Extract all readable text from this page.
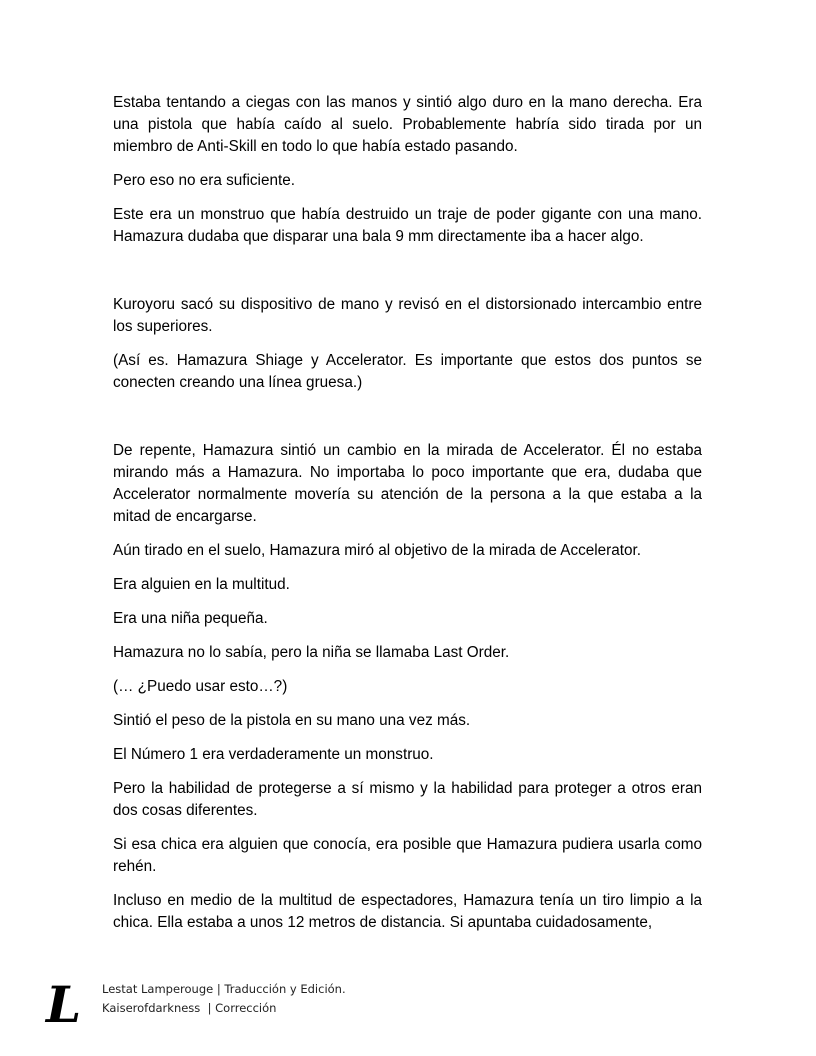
Estaba tentando a ciegas con las manos y sintió algo duro en la mano derecha. Era una pistola que había caído al suelo. Probablemente habría sido tirada por un miembro de Anti-Skill en todo lo que había estado pasando.

Pero eso no era suficiente.

Este era un monstruo que había destruido un traje de poder gigante con una mano. Hamazura dudaba que disparar una bala 9 mm directamente iba a hacer algo.

Kuroyoru sacó su dispositivo de mano y revisó en el distorsionado intercambio entre los superiores.

(Así es. Hamazura Shiage y Accelerator. Es importante que estos dos puntos se conecten creando una línea gruesa.)

De repente, Hamazura sintió un cambio en la mirada de Accelerator. Él no estaba mirando más a Hamazura. No importaba lo poco importante que era, dudaba que Accelerator normalmente movería su atención de la persona a la que estaba a la mitad de encargarse.

Aún tirado en el suelo, Hamazura miró al objetivo de la mirada de Accelerator.

Era alguien en la multitud.

Era una niña pequeña.

Hamazura no lo sabía, pero la niña se llamaba Last Order.

(… ¿Puedo usar esto…?)

Sintió el peso de la pistola en su mano una vez más.

El Número 1 era verdaderamente un monstruo.

Pero la habilidad de protegerse a sí mismo y la habilidad para proteger a otros eran dos cosas diferentes.

Si esa chica era alguien que conocía, era posible que Hamazura pudiera usarla como rehén.

Incluso en medio de la multitud de espectadores, Hamazura tenía un tiro limpio a la chica. Ella estaba a unos 12 metros de distancia. Si apuntaba cuidadosamente,

L Lestat Lamperouge | Traducción y Edición.
Kaiserofdarkness  | Corrección
